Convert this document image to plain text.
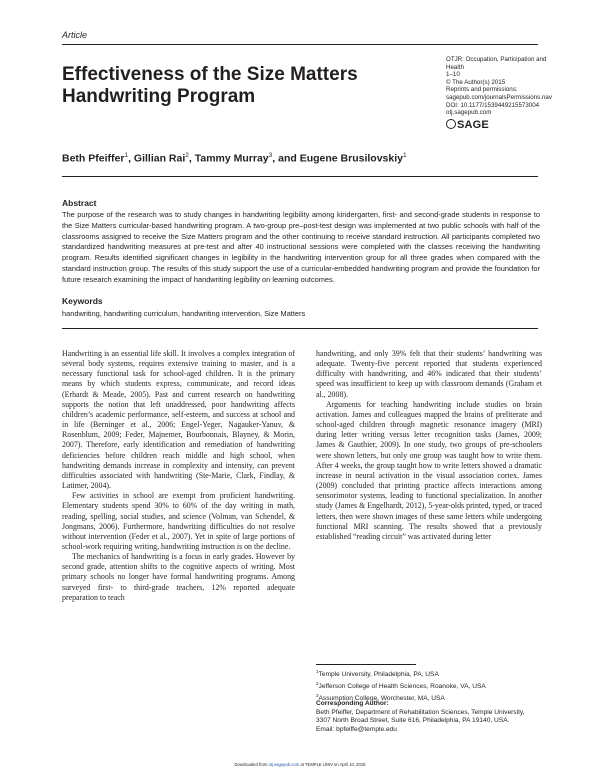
Article
Effectiveness of the Size Matters
Handwriting Program
OTJR: Occupation, Participation and
Health
1–10
© The Author(s) 2015
Reprints and permissions:
sagepub.com/journalsPermissions.nav
DOI: 10.1177/1539449215573004
otj.sagepub.com
SAGE
Beth Pfeiffer$^1$, Gillian Rai$^2$, Tammy Murray$^3$, and Eugene Brusilovskiy$^1$
Abstract
The purpose of the research was to study changes in handwriting legibility among kindergarten, first- and second-grade students in response to the Size Matters curricular-based handwriting program. A two-group pre–post-test design was implemented at two public schools with half of the classrooms assigned to receive the Size Matters program and the other continuing to receive standard instruction. All participants completed two standardized handwriting measures at pre-test and after 40 instructional sessions were completed with the classes receiving the handwriting program. Results identified significant changes in legibility in the handwriting intervention group for all three grades when compared with the standard instruction group. The results of this study support the use of a curricular-embedded handwriting program and provide the foundation for future research examining the impact of handwriting legibility on learning outcomes.
Keywords
handwriting, handwriting curriculum, handwriting intervention, Size Matters

Handwriting is an essential life skill. It involves a complex integration of several body systems, requires extensive training to master, and is a necessary functional task for school-aged children. It is the primary means by which students express, communicate, and record ideas (Erhardt & Meade, 2005). Past and current research on handwriting supports the notion that left unaddressed, poor handwriting affects children’s academic performance, self-esteem, and success at school and in life (Berninger et al., 2006; Engel-Yeger, Nagauker-Yanuv, & Rosenblum, 2009; Feder, Majnemer, Bourbonnais, Blayney, & Morin, 2007). Therefore, early identification and remediation of handwriting deficiencies before children reach middle and high school, when handwriting demands increase in complexity and intensity, can prevent difficulties associated with handwriting (Ste-Marie, Clark, Findlay, & Latimer, 2004).

Few activities in school are exempt from proficient handwriting. Elementary students spend 30% to 60% of the day writing in math, reading, spelling, social studies, and science (Volman, van Schendel, & Jongmans, 2006). Furthermore, handwriting difficulties do not resolve without intervention (Feder et al., 2007). Yet in spite of large portions of school-work requiring writing, handwriting instruction is on the decline.

The mechanics of handwriting is a focus in early grades. However by second grade, attention shifts to the cognitive aspects of writing. Most primary schools no longer have formal handwriting programs. Among surveyed first- to third-grade teachers, 12% reported adequate preparation to teach

handwriting, and only 39% felt that their students’ handwriting was adequate. Twenty-five percent reported that students experienced difficulty with handwriting, and 46% indicated that their students’ speed was insufficient to keep up with classroom demands (Graham et al., 2008).

Arguments for teaching handwriting include studies on brain activation. James and colleagues mapped the brains of preliterate and school-aged children through magnetic resonance imagery (MRI) during letter writing versus letter recognition tasks (James, 2009; James & Gauthier, 2009). In one study, two groups of pre-schoolers were shown letters, but only one group was taught how to write them. After 4 weeks, the group taught how to write letters showed a dramatic increase in neural activation in the visual association cortex. James (2009) concluded that printing practice affects interactions among sensorimotor systems, leading to functional specialization. In another study (James & Engelhardt, 2012), 5-year-olds printed, typed, or traced letters, then were shown images of these same letters while undergoing functional MRI scanning. The results showed that a previously established “reading circuit” was activated during letter

$^1$Temple University, Philadelphia, PA, USA
$^2$Jefferson College of Health Sciences, Roanoke, VA, USA
$^3$Assumption College, Worchester, MA, USA
Corresponding Author:
Beth Pfeiffer, Department of Rehabilitation Sciences, Temple University,
3307 North Broad Street, Suite 616, Philadelphia, PA 19140, USA.
Email: bpfeiffe@temple.edu
Downloaded from otj.sagepub.com at TEMPLE UNIV on April 10, 2015
